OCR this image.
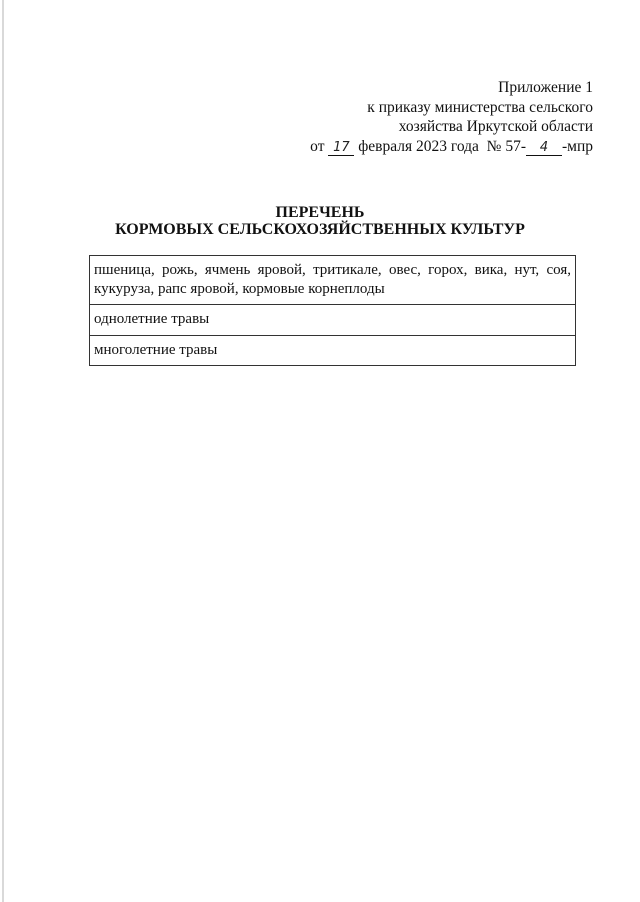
Приложение 1
к приказу министерства сельского
хозяйства Иркутской области
от 17 февраля 2023 года № 57- 4 -мпр
ПЕРЕЧЕНЬ
КОРМОВЫХ СЕЛЬСКОХОЗЯЙСТВЕННЫХ КУЛЬТУР
пшеница, рожь, ячмень яровой, тритикале, овес, горох, вика, нут, соя, кукуруза, рапс яровой, кормовые корнеплоды
однолетние травы
многолетние травы
